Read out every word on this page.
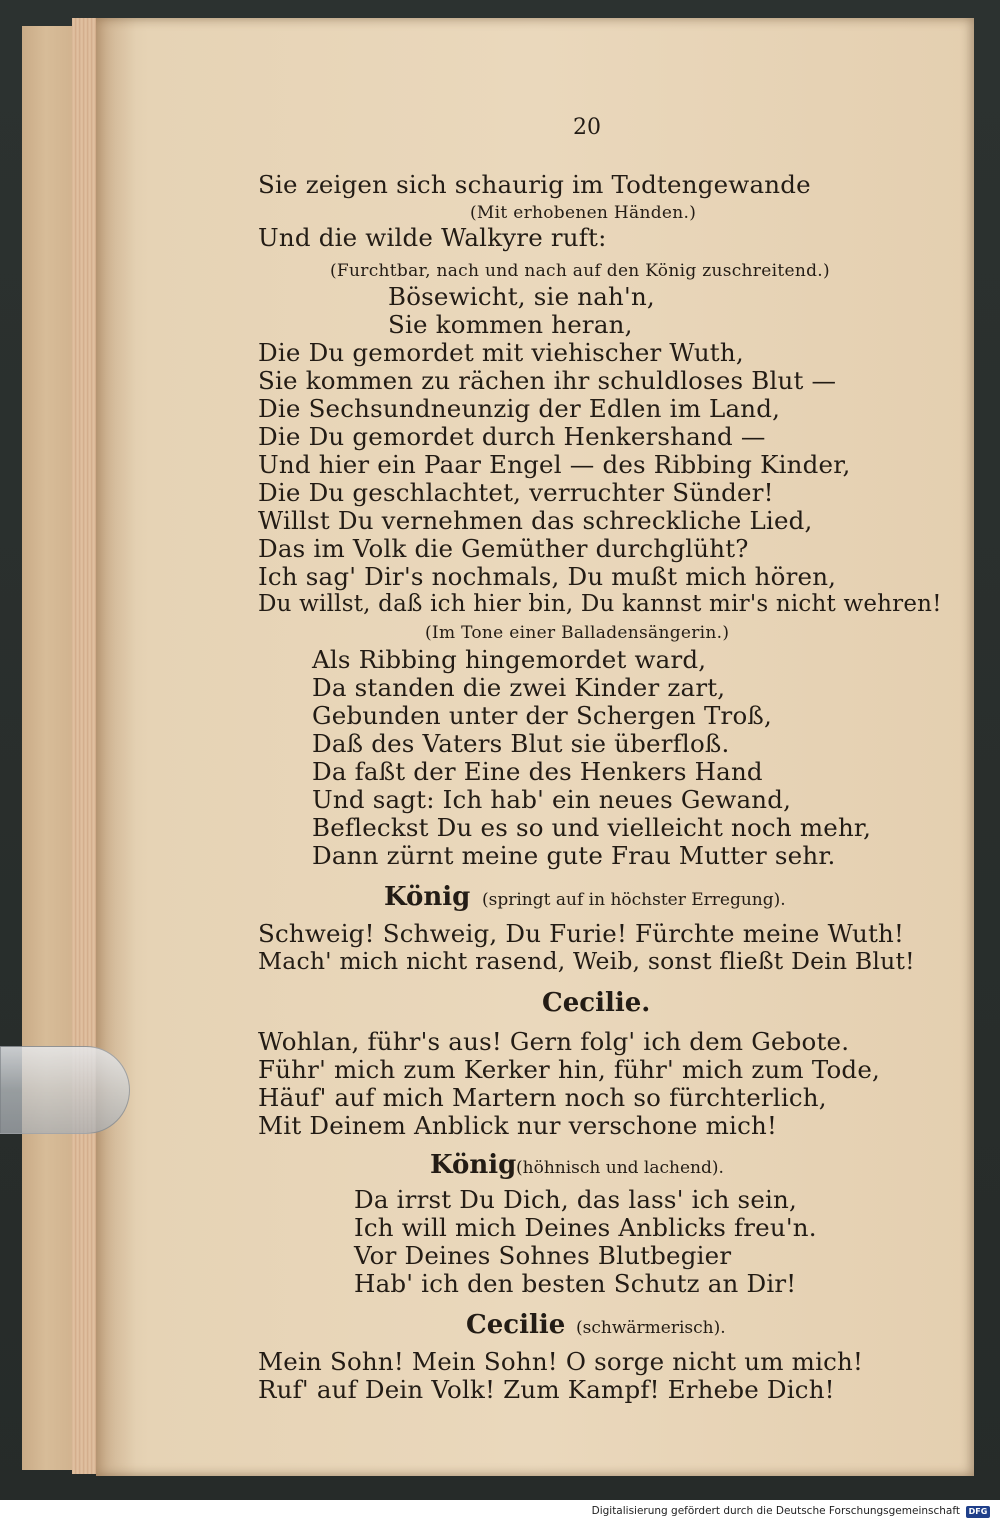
20
Sie zeigen sich schaurig im Todtengewande
(Mit erhobenen Händen.)
Und die wilde Walkyre ruft:
(Furchtbar, nach und nach auf den König zuschreitend.)
Bösewicht, sie nah'n,
Sie kommen heran,
Die Du gemordet mit viehischer Wuth,
Sie kommen zu rächen ihr schuldloses Blut —
Die Sechsundneunzig der Edlen im Land,
Die Du gemordet durch Henkershand —
Und hier ein Paar Engel — des Ribbing Kinder,
Die Du geschlachtet, verruchter Sünder!
Willst Du vernehmen das schreckliche Lied,
Das im Volk die Gemüther durchglüht?
Ich sag' Dir's nochmals, Du mußt mich hören,
Du willst, daß ich hier bin, Du kannst mir's nicht wehren!
(Im Tone einer Balladensängerin.)
Als Ribbing hingemordet ward,
Da standen die zwei Kinder zart,
Gebunden unter der Schergen Troß,
Daß des Vaters Blut sie überfloß.
Da faßt der Eine des Henkers Hand
Und sagt: Ich hab' ein neues Gewand,
Befleckst Du es so und vielleicht noch mehr,
Dann zürnt meine gute Frau Mutter sehr.
König (springt auf in höchster Erregung).
Schweig! Schweig, Du Furie! Fürchte meine Wuth!
Mach' mich nicht rasend, Weib, sonst fließt Dein Blut!
Cecilie.
Wohlan, führ's aus! Gern folg' ich dem Gebote.
Führ' mich zum Kerker hin, führ' mich zum Tode,
Häuf' auf mich Martern noch so fürchterlich,
Mit Deinem Anblick nur verschone mich!
König (höhnisch und lachend).
Da irrst Du Dich, das lass' ich sein,
Ich will mich Deines Anblicks freu'n.
Vor Deines Sohnes Blutbegier
Hab' ich den besten Schutz an Dir!
Cecilie (schwärmerisch).
Mein Sohn! Mein Sohn! O sorge nicht um mich!
Ruf' auf Dein Volk! Zum Kampf! Erhebe Dich!
Digitalisierung gefördert durch die Deutsche Forschungsgemeinschaft	DFG
